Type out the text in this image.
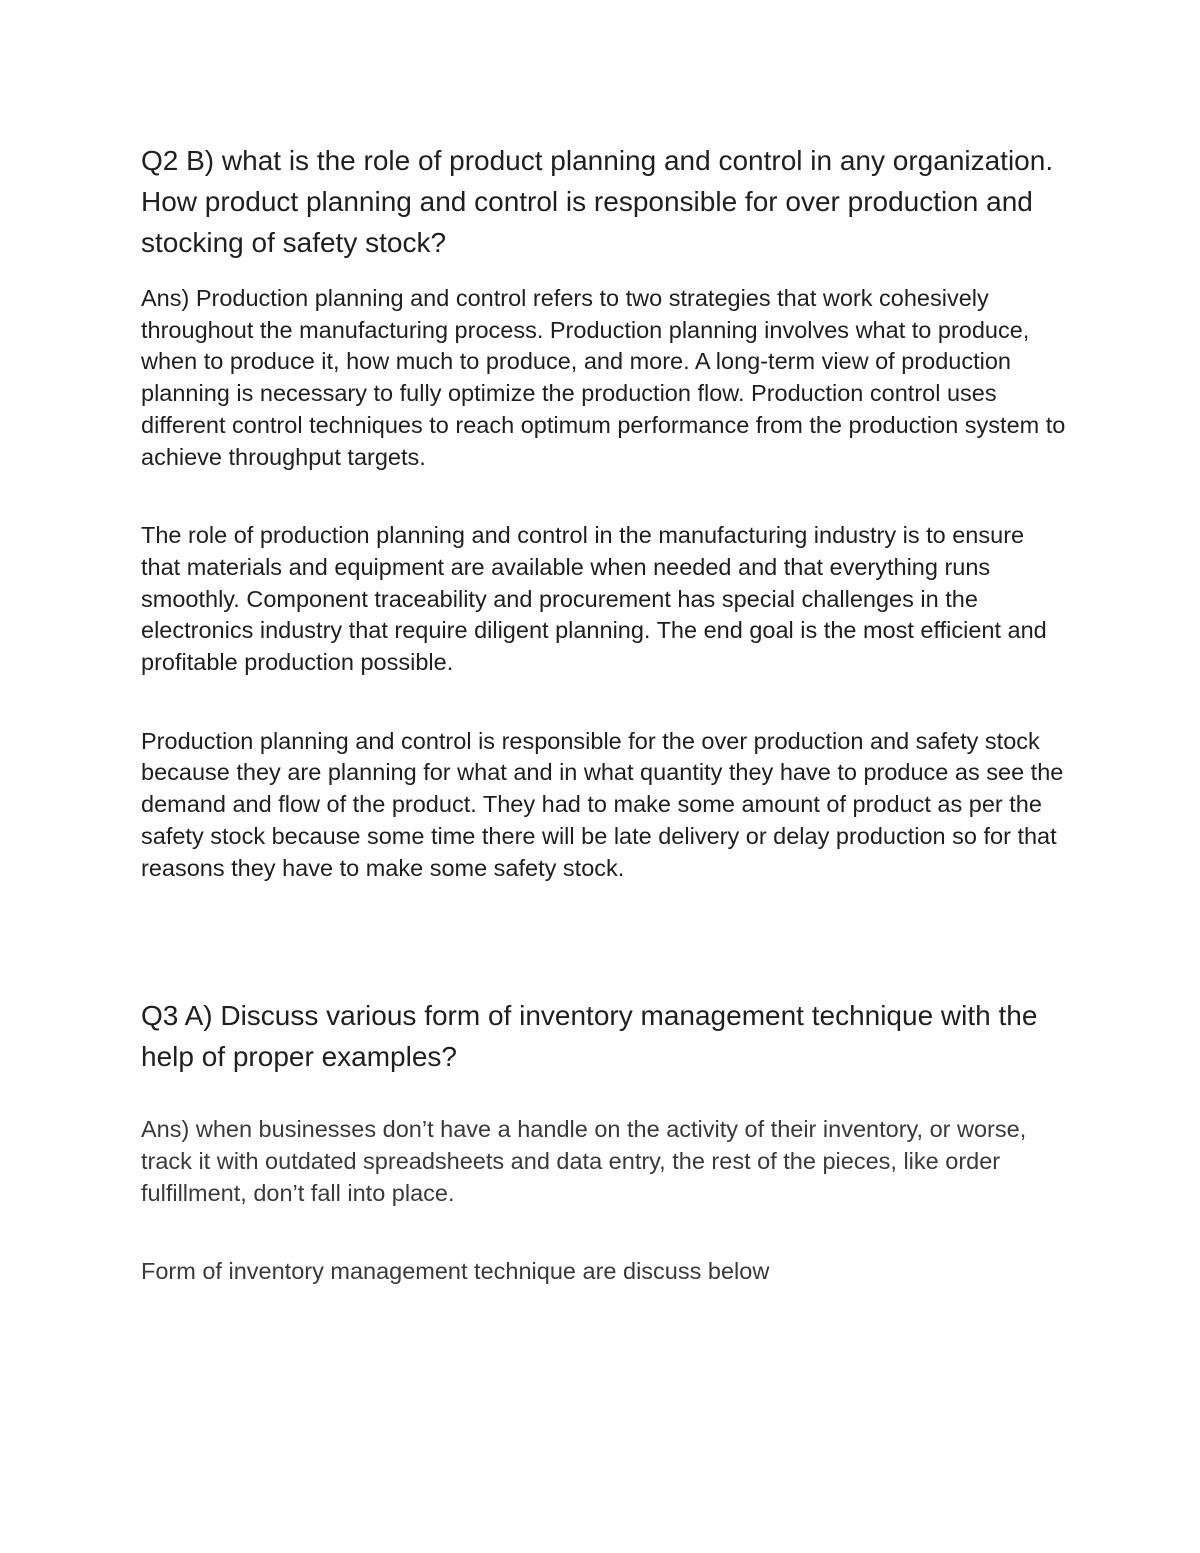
Q2 B) what is the role of product planning and control in any organization. How product planning and control is responsible for over production and stocking of safety stock?

Ans) Production planning and control refers to two strategies that work cohesively throughout the manufacturing process. Production planning involves what to produce, when to produce it, how much to produce, and more. A long-term view of production planning is necessary to fully optimize the production flow. Production control uses different control techniques to reach optimum performance from the production system to achieve throughput targets.

The role of production planning and control in the manufacturing industry is to ensure that materials and equipment are available when needed and that everything runs smoothly. Component traceability and procurement has special challenges in the electronics industry that require diligent planning. The end goal is the most efficient and profitable production possible.

Production planning and control is responsible for the over production and safety stock because they are planning for what and in what quantity they have to produce as see the demand and flow of the product. They had to make some amount of product as per the safety stock because some time there will be late delivery or delay production so for that reasons they have to make some safety stock.

Q3 A) Discuss various form of inventory management technique with the help of proper examples?

Ans) when businesses don’t have a handle on the activity of their inventory, or worse, track it with outdated spreadsheets and data entry, the rest of the pieces, like order fulfillment, don’t fall into place.

Form of inventory management technique are discuss below
